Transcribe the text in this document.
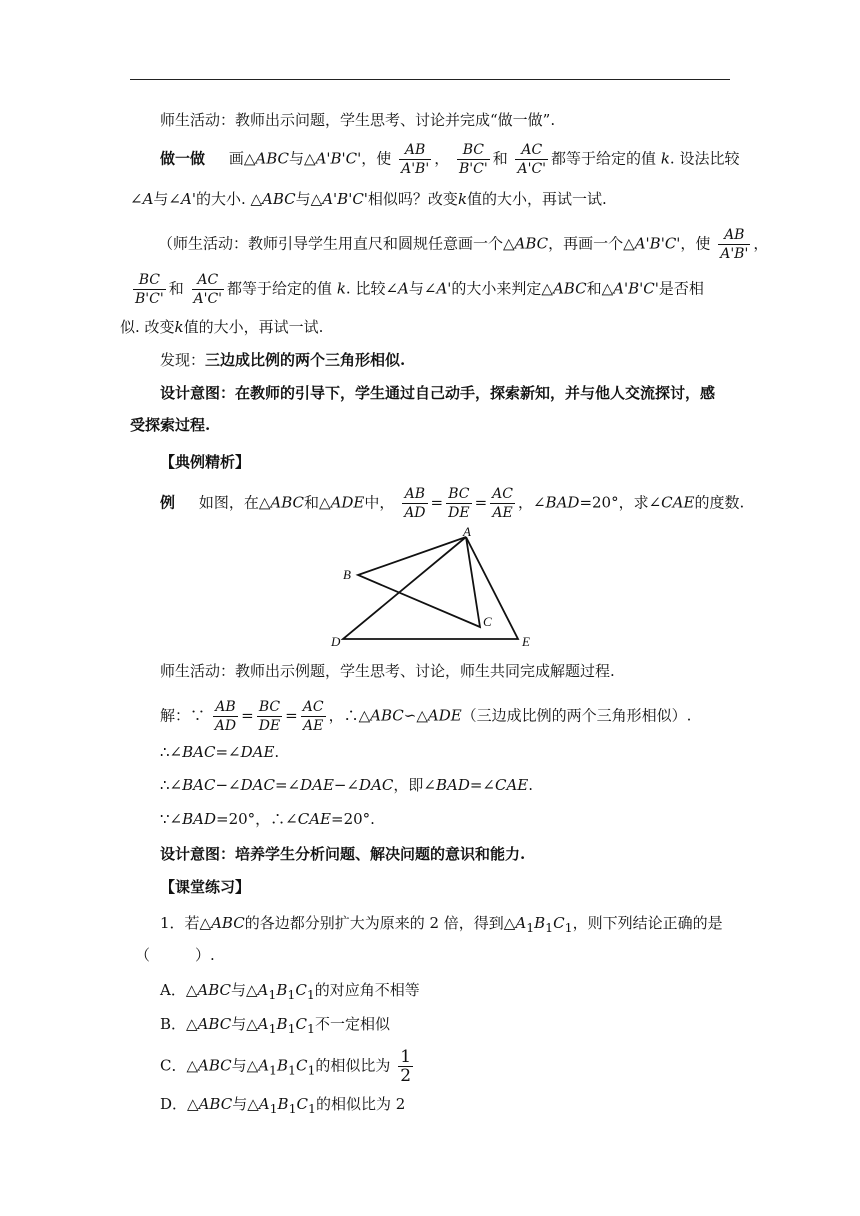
师生活动：教师出示问题，学生思考、讨论并完成“做一做”.
做一做 画△ABC与△A'B'C'，使 $\frac{AB}{A'B'}$ ， $\frac{BC}{B'C'}$ 和 $\frac{AC}{A'C'}$ 都等于给定的值 k. 设法比较
∠A与∠A'的大小. △ABC与△A'B'C'相似吗？改变k值的大小，再试一试.
（师生活动：教师引导学生用直尺和圆规任意画一个△ABC，再画一个△A'B'C'，使 $\frac{AB}{A'B'}$ ，
$\frac{BC}{B'C'}$ 和 $\frac{AC}{A'C'}$ 都等于给定的值 k. 比较∠A与∠A'的大小来判定△ABC和△A'B'C'是否相
似. 改变k值的大小，再试一试.
发现：三边成比例的两个三角形相似.
设计意图：在教师的引导下，学生通过自己动手，探索新知，并与他人交流探讨，感
受探索过程.
【典例精析】
例 如图，在△ABC和△ADE中， $\frac{AB}{AD} = \frac{BC}{DE} = \frac{AC}{AE}$ ，∠BAD=20°，求∠CAE的度数.
A
B
C
D	E
师生活动：教师出示例题，学生思考、讨论，师生共同完成解题过程.
解：∵ $\frac{AB}{AD} = \frac{BC}{DE} = \frac{AC}{AE}$ ，∴△ABC∽△ADE（三边成比例的两个三角形相似）.
∴∠BAC=∠DAE.
∴∠BAC−∠DAC=∠DAE−∠DAC，即∠BAD=∠CAE.
∵∠BAD=20°，∴∠CAE=20°.
设计意图：培养学生分析问题、解决问题的意识和能力.
【课堂练习】
1．若△ABC的各边都分别扩大为原来的 2 倍，得到$\triangle A_1B_1C_1$，则下列结论正确的是
（　　　）.
A．△ABC与$\triangle A_1B_1C_1$的对应角不相等
B．△ABC与$\triangle A_1B_1C_1$不一定相似
C．△ABC与$\triangle A_1B_1C_1$的相似比为 $\frac{1}{2}$
D．△ABC与$\triangle A_1B_1C_1$的相似比为 2
